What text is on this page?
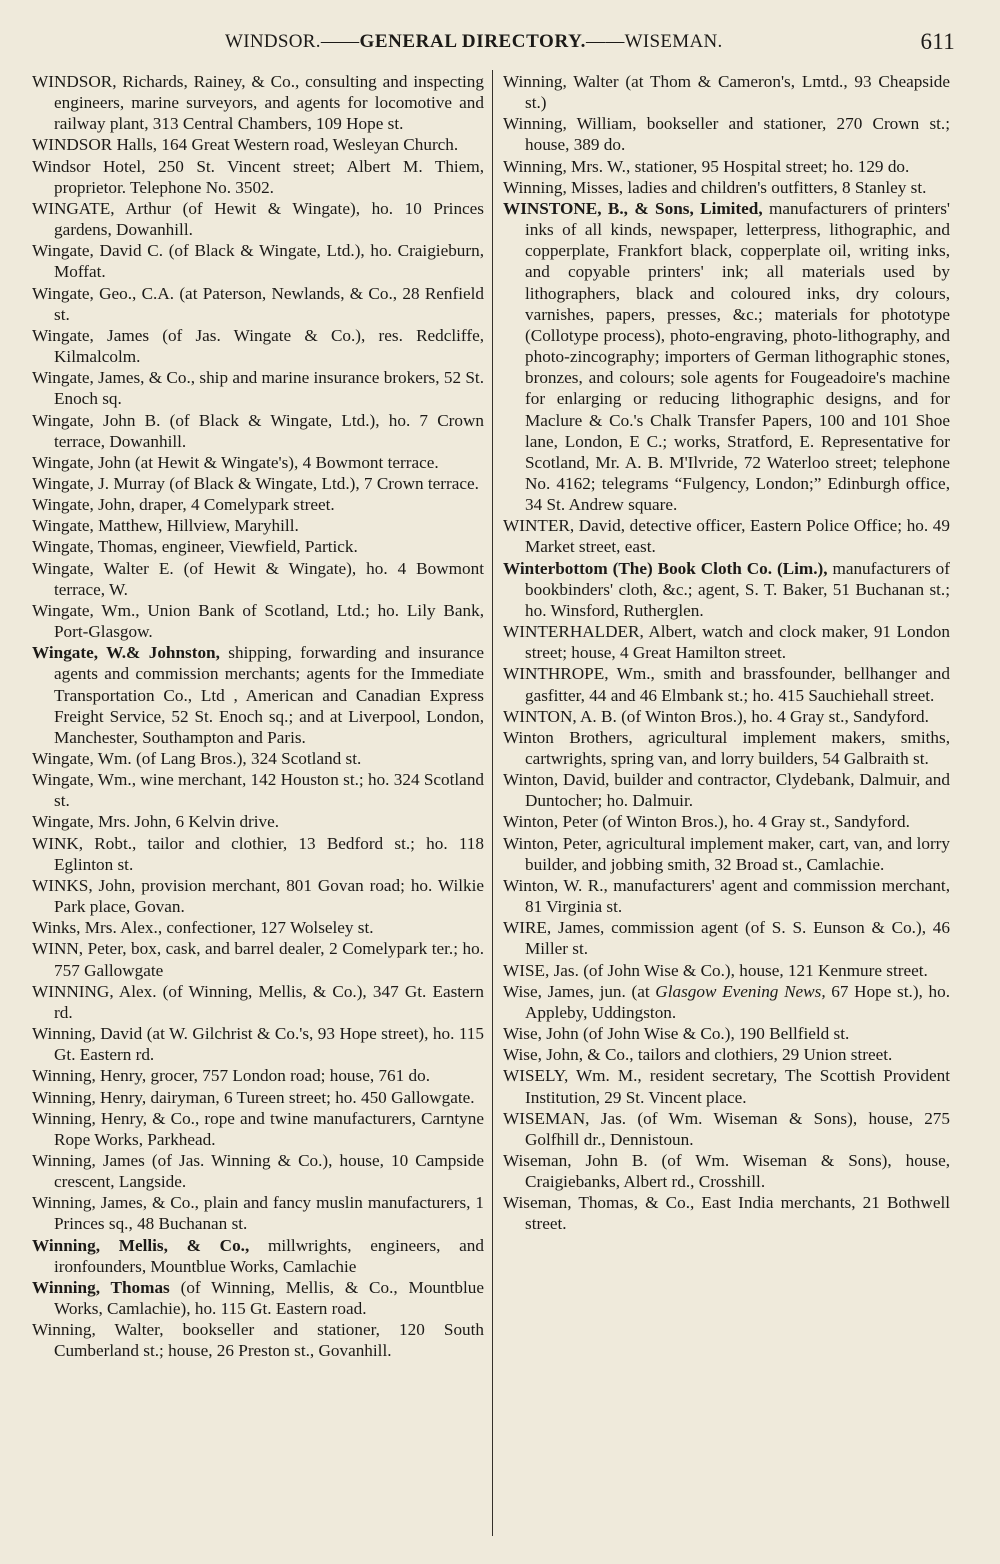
WINDSOR.——GENERAL DIRECTORY.——WISEMAN.	611

WINDSOR, Richards, Rainey, & Co., consulting and inspecting engineers, marine surveyors, and agents for locomotive and railway plant, 313 Central Chambers, 109 Hope st.

WINDSOR Halls, 164 Great Western road, Wesleyan Church.

Windsor Hotel, 250 St. Vincent street; Albert M. Thiem, proprietor. Telephone No. 3502.

WINGATE, Arthur (of Hewit & Wingate), ho. 10 Princes gardens, Dowanhill.

Wingate, David C. (of Black & Wingate, Ltd.), ho. Craigieburn, Moffat.

Wingate, Geo., C.A. (at Paterson, Newlands, & Co., 28 Renfield st.

Wingate, James (of Jas. Wingate & Co.), res. Redcliffe, Kilmalcolm.

Wingate, James, & Co., ship and marine insurance brokers, 52 St. Enoch sq.

Wingate, John B. (of Black & Wingate, Ltd.), ho. 7 Crown terrace, Dowanhill.

Wingate, John (at Hewit & Wingate's), 4 Bowmont terrace.

Wingate, J. Murray (of Black & Wingate, Ltd.), 7 Crown terrace.

Wingate, John, draper, 4 Comelypark street.

Wingate, Matthew, Hillview, Maryhill.

Wingate, Thomas, engineer, Viewfield, Partick.

Wingate, Walter E. (of Hewit & Wingate), ho. 4 Bowmont terrace, W.

Wingate, Wm., Union Bank of Scotland, Ltd.; ho. Lily Bank, Port-Glasgow.

Wingate, W.& Johnston, shipping, forwarding and insurance agents and commission merchants; agents for the Immediate Transportation Co., Ltd , American and Canadian Express Freight Service, 52 St. Enoch sq.; and at Liverpool, London, Manchester, Southampton and Paris.

Wingate, Wm. (of Lang Bros.), 324 Scotland st.

Wingate, Wm., wine merchant, 142 Houston st.; ho. 324 Scotland st.

Wingate, Mrs. John, 6 Kelvin drive.

WINK, Robt., tailor and clothier, 13 Bedford st.; ho. 118 Eglinton st.

WINKS, John, provision merchant, 801 Govan road; ho. Wilkie Park place, Govan.

Winks, Mrs. Alex., confectioner, 127 Wolseley st.

WINN, Peter, box, cask, and barrel dealer, 2 Comelypark ter.; ho. 757 Gallowgate

WINNING, Alex. (of Winning, Mellis, & Co.), 347 Gt. Eastern rd.

Winning, David (at W. Gilchrist & Co.'s, 93 Hope street), ho. 115 Gt. Eastern rd.

Winning, Henry, grocer, 757 London road; house, 761 do.

Winning, Henry, dairyman, 6 Tureen street; ho. 450 Gallowgate.

Winning, Henry, & Co., rope and twine manufacturers, Carntyne Rope Works, Parkhead.

Winning, James (of Jas. Winning & Co.), house, 10 Campside crescent, Langside.

Winning, James, & Co., plain and fancy muslin manufacturers, 1 Princes sq., 48 Buchanan st.

Winning, Mellis, & Co., millwrights, engineers, and ironfounders, Mountblue Works, Camlachie

Winning, Thomas (of Winning, Mellis, & Co., Mountblue Works, Camlachie), ho. 115 Gt. Eastern road.

Winning, Walter, bookseller and stationer, 120 South Cumberland st.; house, 26 Preston st., Govanhill.

Winning, Walter (at Thom & Cameron's, Lmtd., 93 Cheapside st.)

Winning, William, bookseller and stationer, 270 Crown st.; house, 389 do.

Winning, Mrs. W., stationer, 95 Hospital street; ho. 129 do.

Winning, Misses, ladies and children's outfitters, 8 Stanley st.

WINSTONE, B., & Sons, Limited, manufacturers of printers' inks of all kinds, newspaper, letterpress, lithographic, and copperplate, Frankfort black, copperplate oil, writing inks, and copyable printers' ink; all materials used by lithographers, black and coloured inks, dry colours, varnishes, papers, presses, &c.; materials for phototype (Collotype process), photo-engraving, photo-lithography, and photo-zincography; importers of German lithographic stones, bronzes, and colours; sole agents for Fougeadoire's machine for enlarging or reducing lithographic designs, and for Maclure & Co.'s Chalk Transfer Papers, 100 and 101 Shoe lane, London, E C.; works, Stratford, E. Representative for Scotland, Mr. A. B. M'Ilvride, 72 Waterloo street; telephone No. 4162; telegrams “Fulgency, London;” Edinburgh office, 34 St. Andrew square.

WINTER, David, detective officer, Eastern Police Office; ho. 49 Market street, east.

Winterbottom (The) Book Cloth Co. (Lim.), manufacturers of bookbinders' cloth, &c.; agent, S. T. Baker, 51 Buchanan st.; ho. Winsford, Rutherglen.

WINTERHALDER, Albert, watch and clock maker, 91 London street; house, 4 Great Hamilton street.

WINTHROPE, Wm., smith and brassfounder, bellhanger and gasfitter, 44 and 46 Elmbank st.; ho. 415 Sauchiehall street.

WINTON, A. B. (of Winton Bros.), ho. 4 Gray st., Sandyford.

Winton Brothers, agricultural implement makers, smiths, cartwrights, spring van, and lorry builders, 54 Galbraith st.

Winton, David, builder and contractor, Clydebank, Dalmuir, and Duntocher; ho. Dalmuir.

Winton, Peter (of Winton Bros.), ho. 4 Gray st., Sandyford.

Winton, Peter, agricultural implement maker, cart, van, and lorry builder, and jobbing smith, 32 Broad st., Camlachie.

Winton, W. R., manufacturers' agent and commission merchant, 81 Virginia st.

WIRE, James, commission agent (of S. S. Eunson & Co.), 46 Miller st.

WISE, Jas. (of John Wise & Co.), house, 121 Kenmure street.

Wise, James, jun. (at Glasgow Evening News, 67 Hope st.), ho. Appleby, Uddingston.

Wise, John (of John Wise & Co.), 190 Bellfield st.

Wise, John, & Co., tailors and clothiers, 29 Union street.

WISELY, Wm. M., resident secretary, The Scottish Provident Institution, 29 St. Vincent place.

WISEMAN, Jas. (of Wm. Wiseman & Sons), house, 275 Golfhill dr., Dennistoun.

Wiseman, John B. (of Wm. Wiseman & Sons), house, Craigiebanks, Albert rd., Crosshill.

Wiseman, Thomas, & Co., East India merchants, 21 Bothwell street.
